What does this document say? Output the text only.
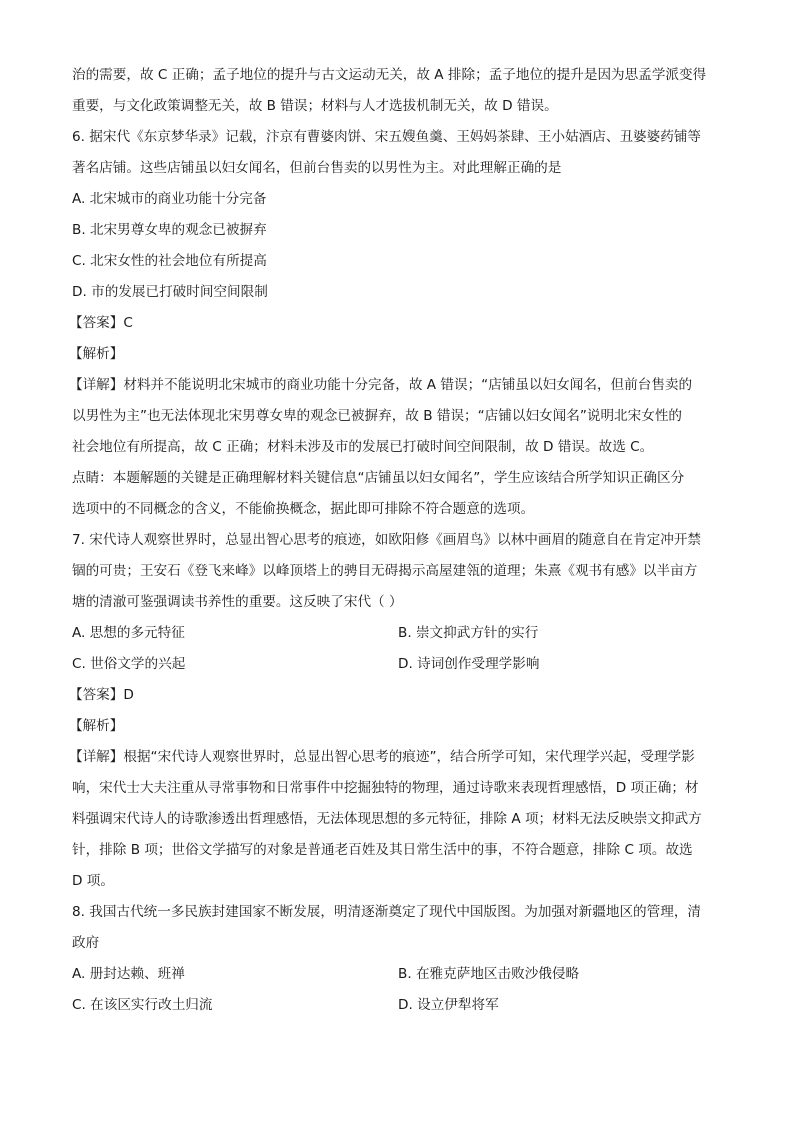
治的需要，故 C 正确；孟子地位的提升与古文运动无关，故 A 排除；孟子地位的提升是因为思孟学派变得
重要，与文化政策调整无关，故 B 错误；材料与人才选拔机制无关，故 D 错误。
6. 据宋代《东京梦华录》记载，汴京有曹婆肉饼、宋五嫂鱼羹、王妈妈茶肆、王小姑酒店、丑婆婆药铺等
著名店铺。这些店铺虽以妇女闻名，但前台售卖的以男性为主。对此理解正确的是
A. 北宋城市的商业功能十分完备
B. 北宋男尊女卑的观念已被摒弃
C. 北宋女性的社会地位有所提高
D. 市的发展已打破时间空间限制
【答案】C
【解析】
【详解】材料并不能说明北宋城市的商业功能十分完备，故 A 错误；“店铺虽以妇女闻名，但前台售卖的
以男性为主”也无法体现北宋男尊女卑的观念已被摒弃，故 B 错误；“店铺以妇女闻名”说明北宋女性的
社会地位有所提高，故 C 正确；材料未涉及市的发展已打破时间空间限制，故 D 错误。故选 C。
点睛：本题解题的关键是正确理解材料关键信息“店铺虽以妇女闻名”，学生应该结合所学知识正确区分
选项中的不同概念的含义，不能偷换概念，据此即可排除不符合题意的选项。
7. 宋代诗人观察世界时，总显出智心思考的痕迹，如欧阳修《画眉鸟》以林中画眉的随意自在肯定冲开禁
锢的可贵；王安石《登飞来峰》以峰顶塔上的骋目无碍揭示高屋建瓴的道理；朱熹《观书有感》以半亩方
塘的清澈可鉴强调读书养性的重要。这反映了宋代（ ）
A. 思想的多元特征	B. 崇文抑武方针的实行
C. 世俗文学的兴起	D. 诗词创作受理学影响
【答案】D
【解析】
【详解】根据“宋代诗人观察世界时，总显出智心思考的痕迹”，结合所学可知，宋代理学兴起，受理学影
响，宋代士大夫注重从寻常事物和日常事件中挖掘独特的物理，通过诗歌来表现哲理感悟，D 项正确；材
料强调宋代诗人的诗歌渗透出哲理感悟，无法体现思想的多元特征，排除 A 项；材料无法反映崇文抑武方
针，排除 B 项；世俗文学描写的对象是普通老百姓及其日常生活中的事，不符合题意，排除 C 项。故选
D 项。
8. 我国古代统一多民族封建国家不断发展，明清逐渐奠定了现代中国版图。为加强对新疆地区的管理，清
政府
A. 册封达赖、班禅	B. 在雅克萨地区击败沙俄侵略
C. 在该区实行改土归流	D. 设立伊犁将军
